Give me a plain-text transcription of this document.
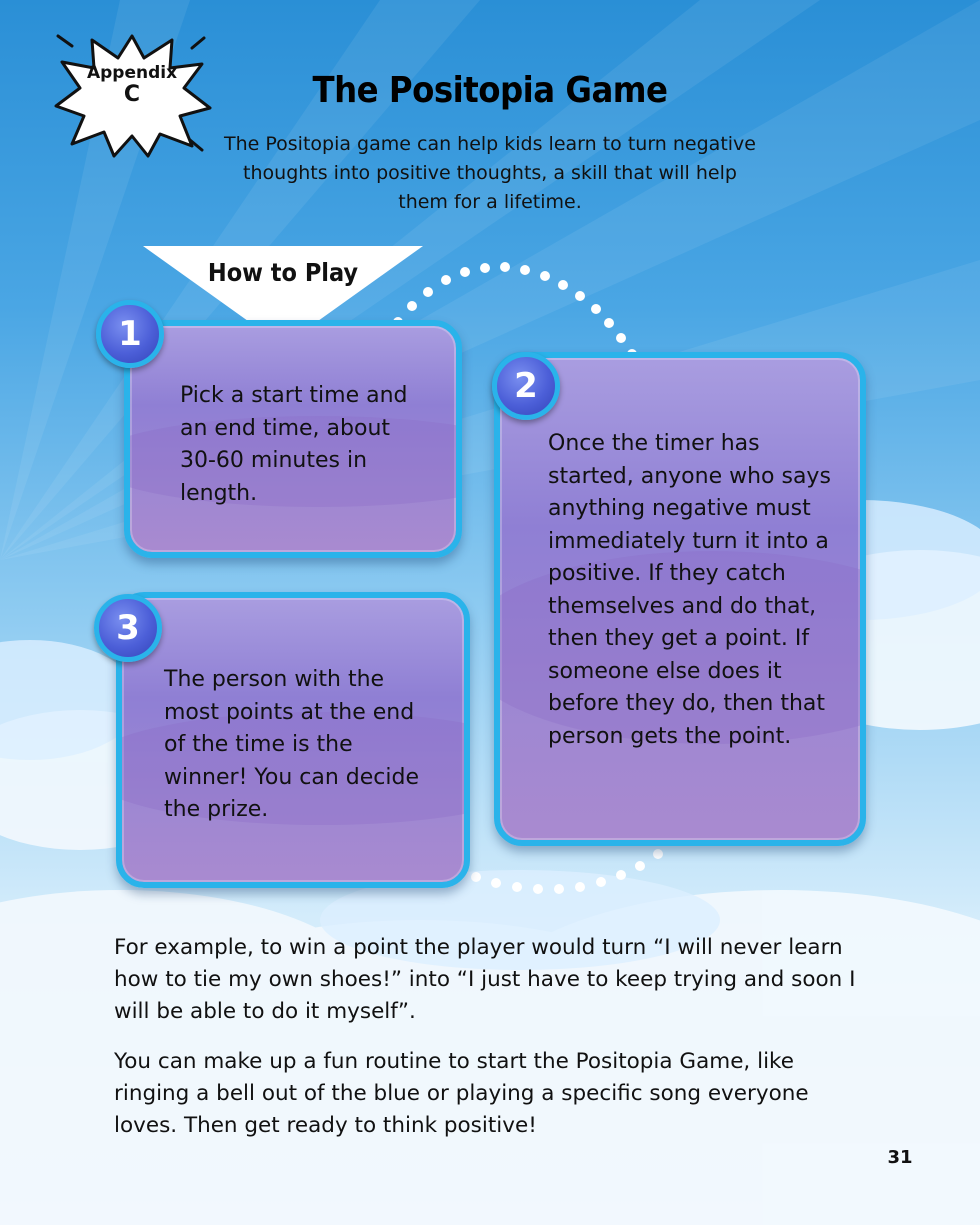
Appendix
C	The Positopia Game

The Positopia game can help kids learn to turn negative thoughts into positive thoughts, a skill that will help them for a lifetime.

How to Play
Pick a start time and an end time, about 30-60 minutes in length.
1
Once the timer has started, anyone who says anything negative must immediately turn it into a positive. If they catch themselves and do that, then they get a point. If someone else does it before they do, then that person gets the point.
2
The person with the most points at the end of the time is the winner! You can decide the prize.
3

For example, to win a point the player would turn “I will never learn how to tie my own shoes!” into “I just have to keep trying and soon I will be able to do it myself”.

You can make up a fun routine to start the Positopia Game, like ringing a bell out of the blue or playing a specific song everyone loves. Then get ready to think positive!

31
